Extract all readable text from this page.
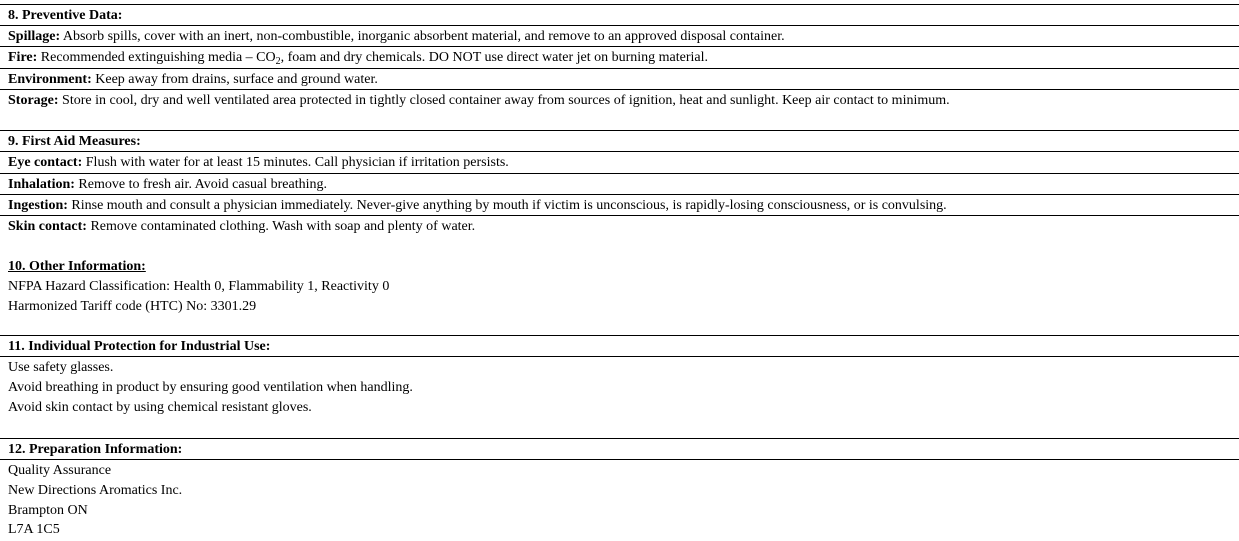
8. Preventive Data:
Spillage: Absorb spills, cover with an inert, non-combustible, inorganic absorbent material, and remove to an approved disposal container.
Fire: Recommended extinguishing media – $CO_2$, foam and dry chemicals. DO NOT use direct water jet on burning material.
Environment: Keep away from drains, surface and ground water.
Storage: Store in cool, dry and well ventilated area protected in tightly closed container away from sources of ignition, heat and sunlight. Keep air contact to minimum.
9. First Aid Measures:
Eye contact: Flush with water for at least 15 minutes. Call physician if irritation persists.
Inhalation: Remove to fresh air. Avoid casual breathing.
Ingestion: Rinse mouth and consult a physician immediately. Never-give anything by mouth if victim is unconscious, is rapidly-losing consciousness, or is convulsing.
Skin contact: Remove contaminated clothing. Wash with soap and plenty of water.
10. Other Information:
NFPA Hazard Classification: Health 0, Flammability 1, Reactivity 0
Harmonized Tariff code (HTC) No: 3301.29
11. Individual Protection for Industrial Use:
Use safety glasses.
Avoid breathing in product by ensuring good ventilation when handling.
Avoid skin contact by using chemical resistant gloves.
12. Preparation Information:
Quality Assurance
New Directions Aromatics Inc.
Brampton ON
L7A 1C5
